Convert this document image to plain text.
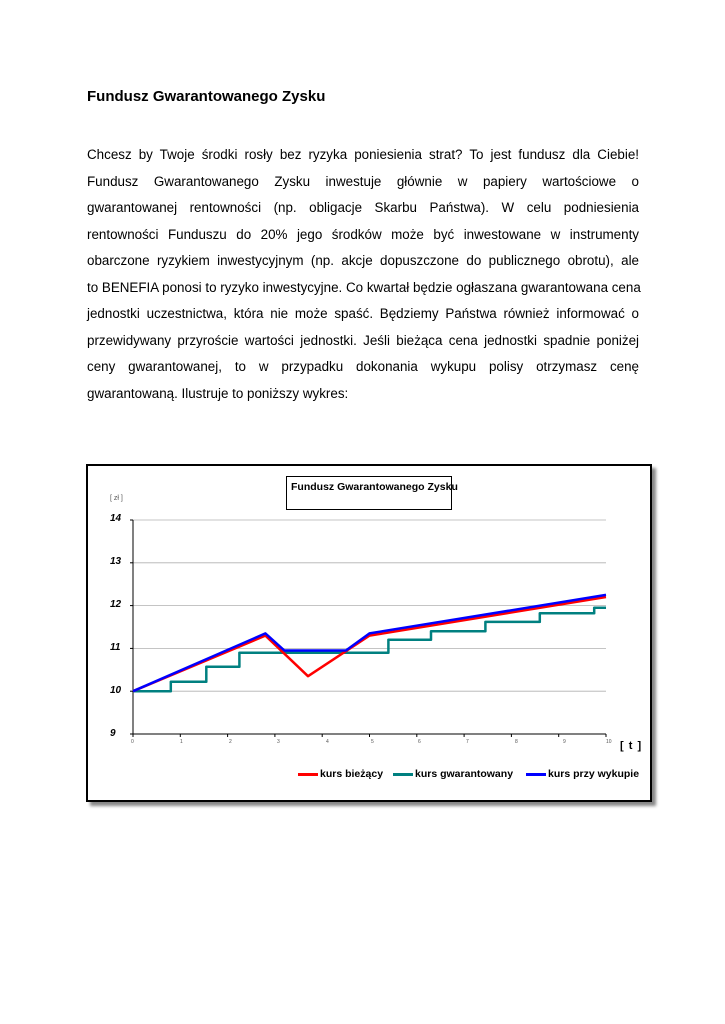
Fundusz Gwarantowanego Zysku
Chcesz by Twoje środki rosły bez ryzyka poniesienia strat? To jest fundusz dla Ciebie!
Fundusz Gwarantowanego Zysku inwestuje głównie w papiery wartościowe o
gwarantowanej rentowności (np. obligacje Skarbu Państwa). W celu podniesienia
rentowności Funduszu do 20% jego środków może być inwestowane w instrumenty
obarczone ryzykiem inwestycyjnym (np. akcje dopuszczone do publicznego obrotu), ale
to BENEFIA ponosi to ryzyko inwestycyjne. Co kwartał będzie ogłaszana gwarantowana cena
jednostki uczestnictwa, która nie może spaść. Będziemy Państwa również informować o
przewidywany przyroście wartości jednostki. Jeśli bieżąca cena jednostki spadnie poniżej
ceny gwarantowanej, to w przypadku dokonania wykupu polisy otrzymasz cenę
gwarantowaną. Ilustruje to poniższy wykres:
Fundusz Gwarantowanego Zysku
[ zł ]
14
13
12
11
10
9
0	1	2	3	4	5	6	7	8	9	10 [ t ]
kurs bieżący	kurs gwarantowany	kurs przy wykupie
